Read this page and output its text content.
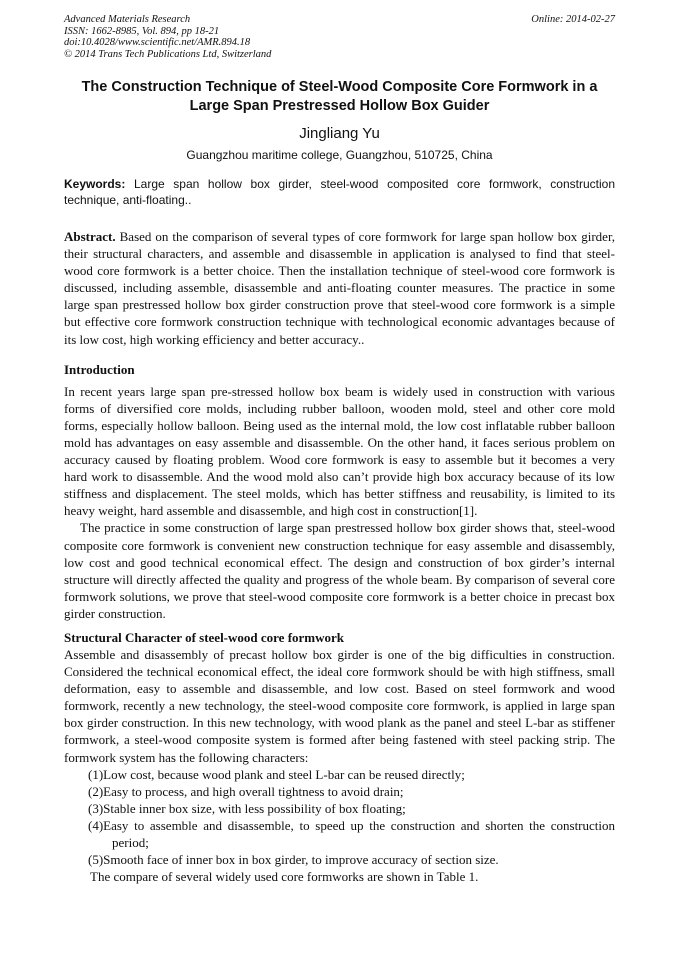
Advanced Materials Research
ISSN: 1662-8985, Vol. 894, pp 18-21
doi:10.4028/www.scientific.net/AMR.894.18
© 2014 Trans Tech Publications Ltd, Switzerland
Online: 2014-02-27
The Construction Technique of Steel-Wood Composite Core Formwork in a Large Span Prestressed Hollow Box Guider
Jingliang Yu
Guangzhou maritime college, Guangzhou, 510725, China
Keywords: Large span hollow box girder, steel-wood composited core formwork, construction technique, anti-floating..

Abstract. Based on the comparison of several types of core formwork for large span hollow box girder, their structural characters, and assemble and disassemble in application is analysed to find that steel-wood core formwork is a better choice. Then the installation technique of steel-wood core formwork is discussed, including assemble, disassemble and anti-floating counter measures. The practice in some large span prestressed hollow box girder construction prove that steel-wood core formwork is a simple but effective core formwork construction technique with technological economic advantages because of its low cost, high working efficiency and better accuracy..

Introduction

In recent years large span pre-stressed hollow box beam is widely used in construction with various forms of diversified core molds, including rubber balloon, wooden mold, steel and other core mold forms, especially hollow balloon. Being used as the internal mold, the low cost inflatable rubber balloon mold has advantages on easy assemble and disassemble. On the other hand, it faces serious problem on accuracy caused by floating problem. Wood core formwork is easy to assemble but it becomes a very hard work to disassemble. And the wood mold also can’t provide high box accuracy because of its low stiffness and displacement. The steel molds, which has better stiffness and reusability, is limited to its heavy weight, hard assemble and disassemble, and high cost in construction[1].

The practice in some construction of large span prestressed hollow box girder shows that, steel-wood composite core formwork is convenient new construction technique for easy assemble and disassembly, low cost and good technical economical effect. The design and construction of box girder’s internal structure will directly affected the quality and progress of the whole beam. By comparison of several core formwork solutions, we prove that steel-wood composite core formwork is a better choice in precast box girder construction.

Structural Character of steel-wood core formwork

Assemble and disassembly of precast hollow box girder is one of the big difficulties in construction. Considered the technical economical effect, the ideal core formwork should be with high stiffness, small deformation, easy to assemble and disassemble, and low cost. Based on steel formwork and wood formwork, recently a new technology, the steel-wood composite core formwork, is applied in large span box girder construction. In this new technology, with wood plank as the panel and steel L-bar as stiffener formwork, a steel-wood composite system is formed after being fastened with steel packing strip. The formwork system has the following characters:

(1)Low cost, because wood plank and steel L-bar can be reused directly;

(2)Easy to process, and high overall tightness to avoid drain;

(3)Stable inner box size, with less possibility of box floating;

(4)Easy to assemble and disassemble, to speed up the construction and shorten the construction period;

(5)Smooth face of inner box in box girder, to improve accuracy of section size.

The compare of several widely used core formworks are shown in Table 1.
